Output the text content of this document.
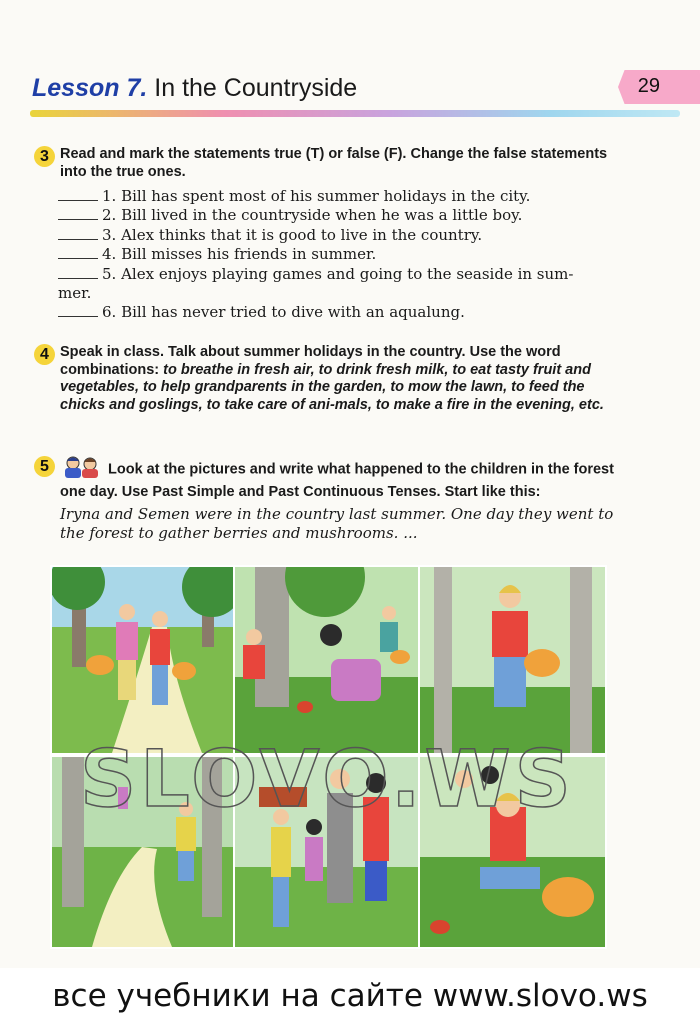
Lesson 7. In the Countryside	29
3 Read and mark the statements true (T) or false (F). Change the false statements into the true ones.
1. Bill has spent most of his summer holidays in the city.
2. Bill lived in the countryside when he was a little boy.
3. Alex thinks that it is good to live in the country.
4. Bill misses his friends in summer.
5. Alex enjoys playing games and going to the seaside in sum-
mer.
6. Bill has never tried to dive with an aqualung.
4 Speak in class. Talk about summer holidays in the country. Use the word combinations: to breathe in fresh air, to drink fresh milk, to eat tasty fruit and vegetables, to help grandparents in the garden, to mow the lawn, to feed the chicks and goslings, to take care of ani-mals, to make a fire in the evening, etc.
5	Look at the pictures and write what happened to the children in the forest one day. Use Past Simple and Past Continuous Tenses. Start like this:
Iryna and Semen were in the country last summer. One day they went to the forest to gather berries and mushrooms. ...
все учебники на сайте www.slovo.ws
